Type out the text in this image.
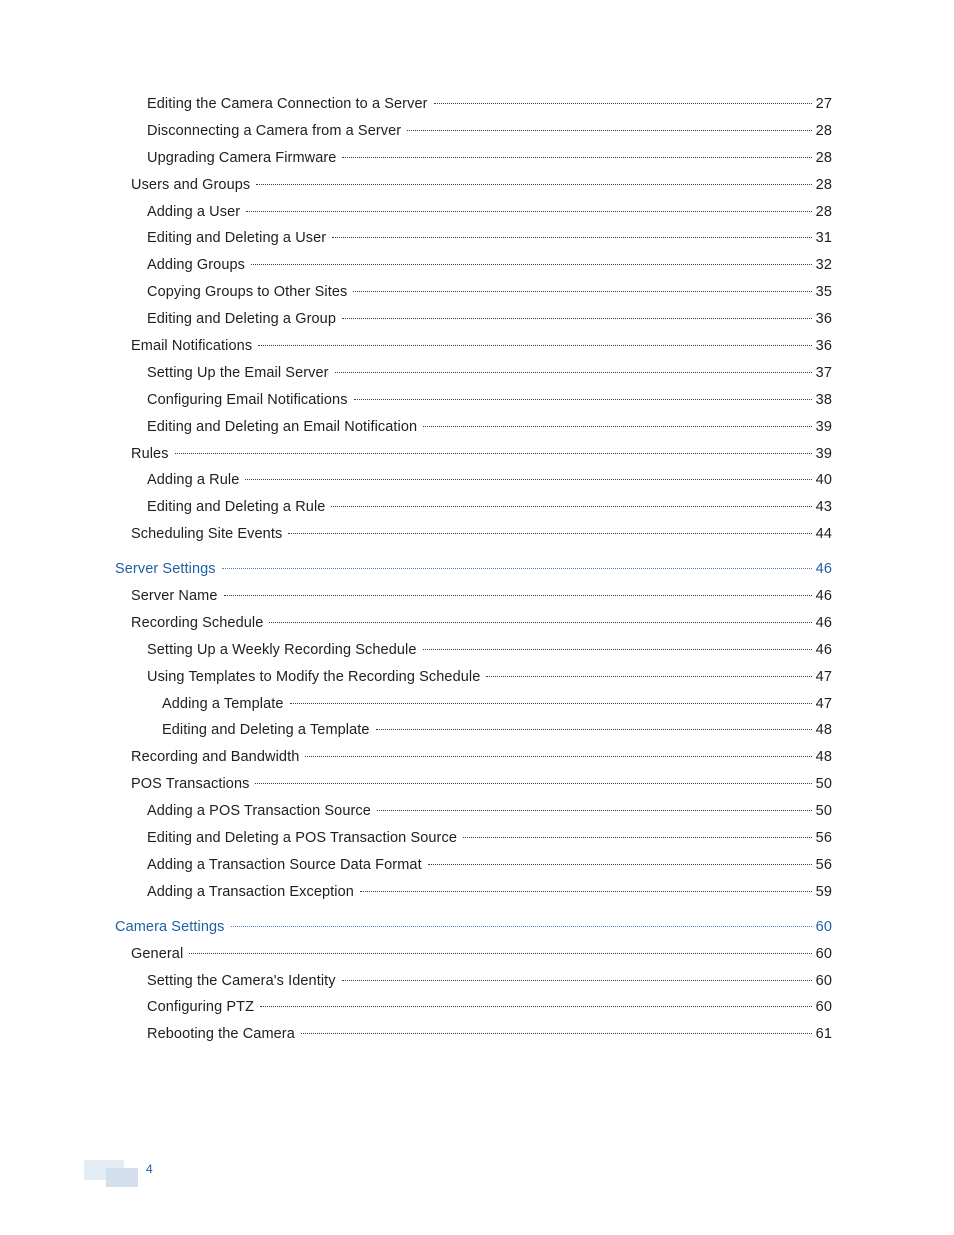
Editing the Camera Connection to a Server	27
Disconnecting a Camera from a Server	28
Upgrading Camera Firmware	28
Users and Groups	28
Adding a User	28
Editing and Deleting a User	31
Adding Groups	32
Copying Groups to Other Sites	35
Editing and Deleting a Group	36
Email Notifications	36
Setting Up the Email Server	37
Configuring Email Notifications	38
Editing and Deleting an Email Notification	39
Rules	39
Adding a Rule	40
Editing and Deleting a Rule	43
Scheduling Site Events	44
Server Settings	46
Server Name	46
Recording Schedule	46
Setting Up a Weekly Recording Schedule	46
Using Templates to Modify the Recording Schedule	47
Adding a Template	47
Editing and Deleting a Template	48
Recording and Bandwidth	48
POS Transactions	50
Adding a POS Transaction Source	50
Editing and Deleting a POS Transaction Source	56
Adding a Transaction Source Data Format	56
Adding a Transaction Exception	59
Camera Settings	60
General	60
Setting the Camera's Identity	60
Configuring PTZ	60
Rebooting the Camera	61
4
